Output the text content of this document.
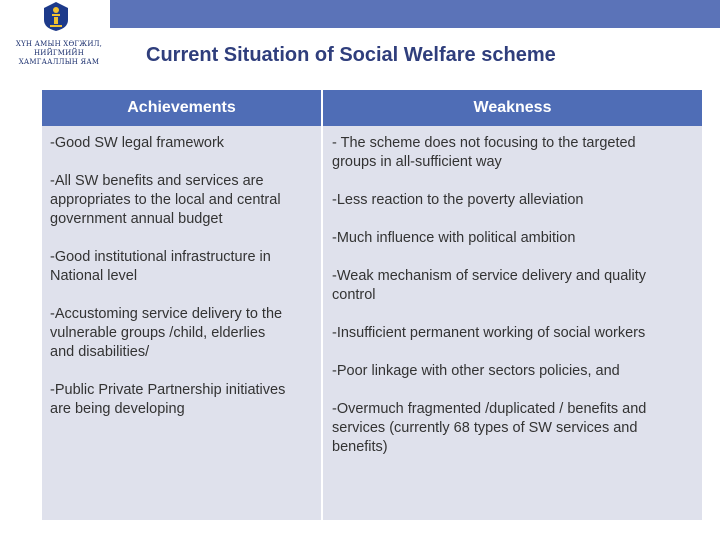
ХҮН АМЫН ХӨГЖИЛ,
НИЙГМИЙН ХАМГААЛЛЫН ЯАМ	Current Situation of Social Welfare scheme
Achievements
-Good SW legal framework
-All SW benefits and services are
appropriates to the local and central
government annual budget
-Good institutional infrastructure in
National level
-Accustoming service delivery to the
vulnerable groups /child, elderlies
and disabilities/
-Public Private Partnership initiatives
are being developing
Weakness
- The scheme does not focusing to the targeted
groups in all-sufficient way
-Less reaction to the poverty alleviation
-Much influence with political ambition
-Weak mechanism of service delivery and quality
control
-Insufficient permanent working of social workers
-Poor linkage with other sectors policies, and
-Overmuch fragmented /duplicated / benefits and
services (currently 68 types of SW services and
benefits)
